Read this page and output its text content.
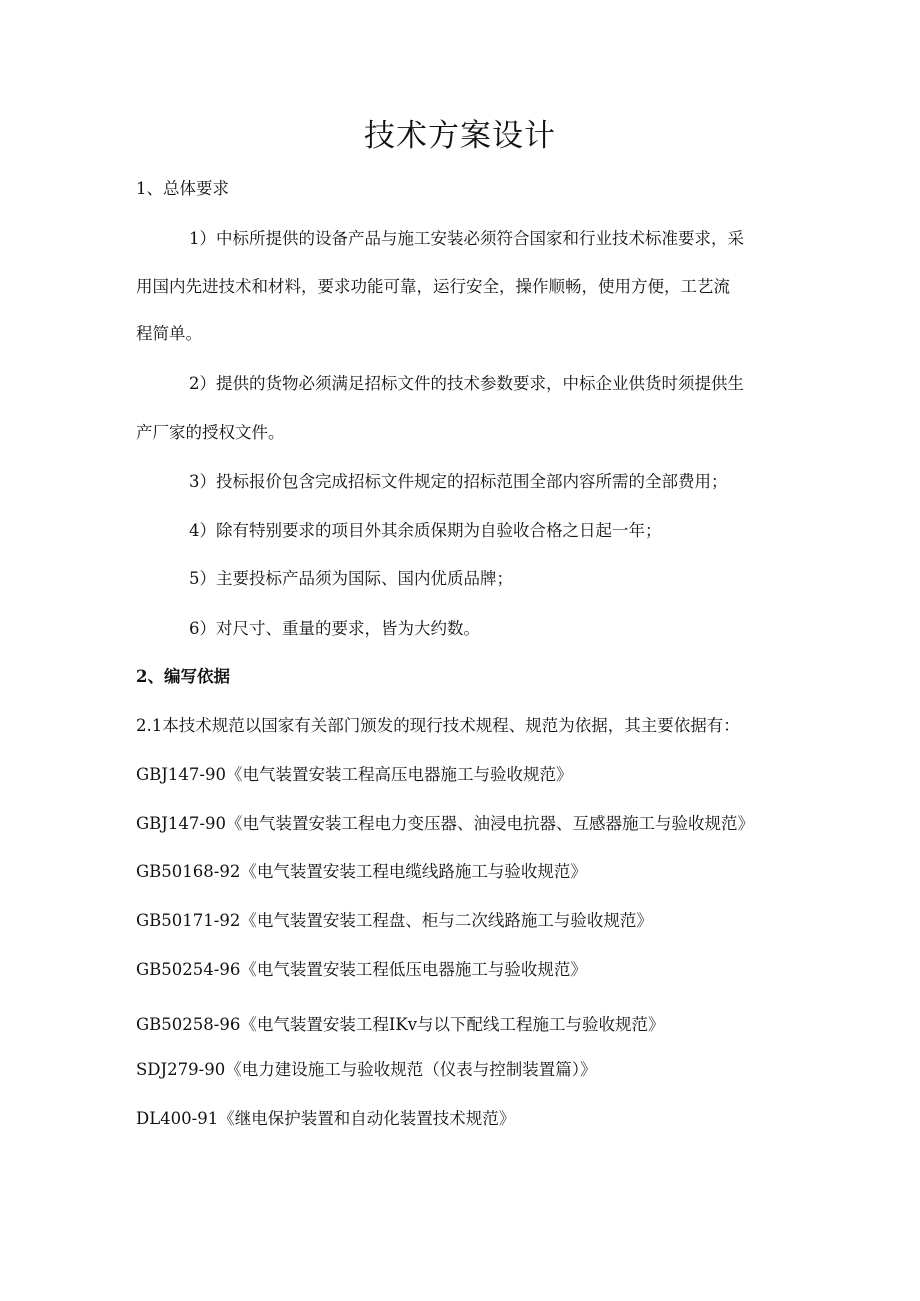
技术方案设计
1、总体要求
1）中标所提供的设备产品与施工安装必须符合国家和行业技术标准要求，采
用国内先进技术和材料，要求功能可靠，运行安全，操作顺畅，使用方便，工艺流
程简单。
2）提供的货物必须满足招标文件的技术参数要求，中标企业供货时须提供生
产厂家的授权文件。
3）投标报价包含完成招标文件规定的招标范围全部内容所需的全部费用；
4）除有特别要求的项目外其余质保期为自验收合格之日起一年；
5）主要投标产品须为国际、国内优质品牌；
6）对尺寸、重量的要求，皆为大约数。
2、编写依据
2.1本技术规范以国家有关部门颁发的现行技术规程、规范为依据，其主要依据有：
GBJ147-90《电气装置安装工程高压电器施工与验收规范》
GBJ147-90《电气装置安装工程电力变压器、油浸电抗器、互感器施工与验收规范》
GB50168-92《电气装置安装工程电缆线路施工与验收规范》
GB50171-92《电气装置安装工程盘、柜与二次线路施工与验收规范》
GB50254-96《电气装置安装工程低压电器施工与验收规范》
GB50258-96《电气装置安装工程IKv与以下配线工程施工与验收规范》
SDJ279-90《电力建设施工与验收规范（仪表与控制装置篇）》
DL400-91《继电保护装置和自动化装置技术规范》
